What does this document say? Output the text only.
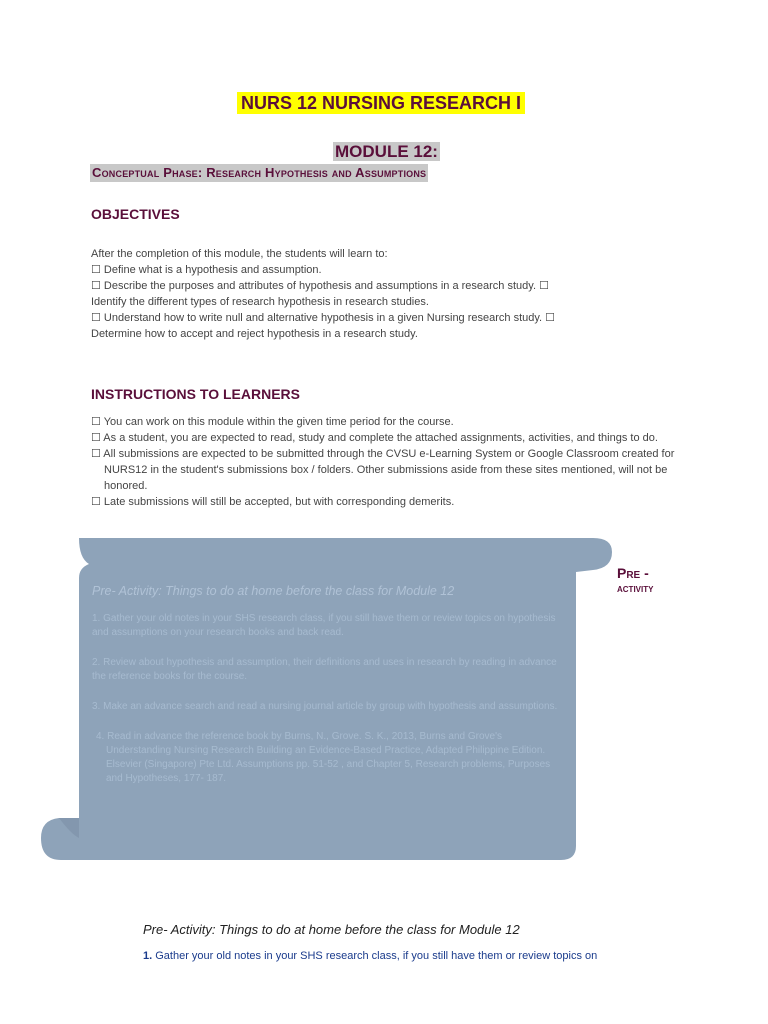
NURS 12 NURSING RESEARCH I
MODULE 12:
Conceptual Phase: Research Hypothesis and Assumptions
OBJECTIVES
After the completion of this module, the students will learn to:
☐ Define what is a hypothesis and assumption.
☐ Describe the purposes and attributes of hypothesis and assumptions in a research study. ☐
Identify the different types of research hypothesis in research studies.
☐ Understand how to write null and alternative hypothesis in a given Nursing research study. ☐
Determine how to accept and reject hypothesis in a research study.
INSTRUCTIONS TO LEARNERS
☐ You can work on this module within the given time period for the course.
☐ As a student, you are expected to read, study and complete the attached assignments, activities, and things to do.
☐ All submissions are expected to be submitted through the CVSU e-Learning System or Google Classroom created for NURS12 in the student's submissions box / folders. Other submissions aside from these sites mentioned, will not be honored.
☐ Late submissions will still be accepted, but with corresponding demerits.
Pre- Activity: Things to do at home before the class for Module 12

1. Gather your old notes in your SHS research class, if you still have them or review topics on hypothesis and assumptions on your research books and back read.

2. Review about hypothesis and assumption, their definitions and uses in research by reading in advance the reference books for the course.

3. Make an advance search and read a nursing journal article by group with hypothesis and assumptions.

4. Read in advance the reference book by Burns, N., Grove. S. K., 2013, Burns and Grove's Understanding Nursing Research Building an Evidence-Based Practice, Adapted Philippine Edition. Elsevier (Singapore) Pte Ltd. Assumptions pp. 51-52 , and Chapter 5, Research problems, Purposes and Hypotheses, 177- 187.

Pre -
activity
Pre- Activity: Things to do at home before the class for Module 12
1. Gather your old notes in your SHS research class, if you still have them or review topics on
